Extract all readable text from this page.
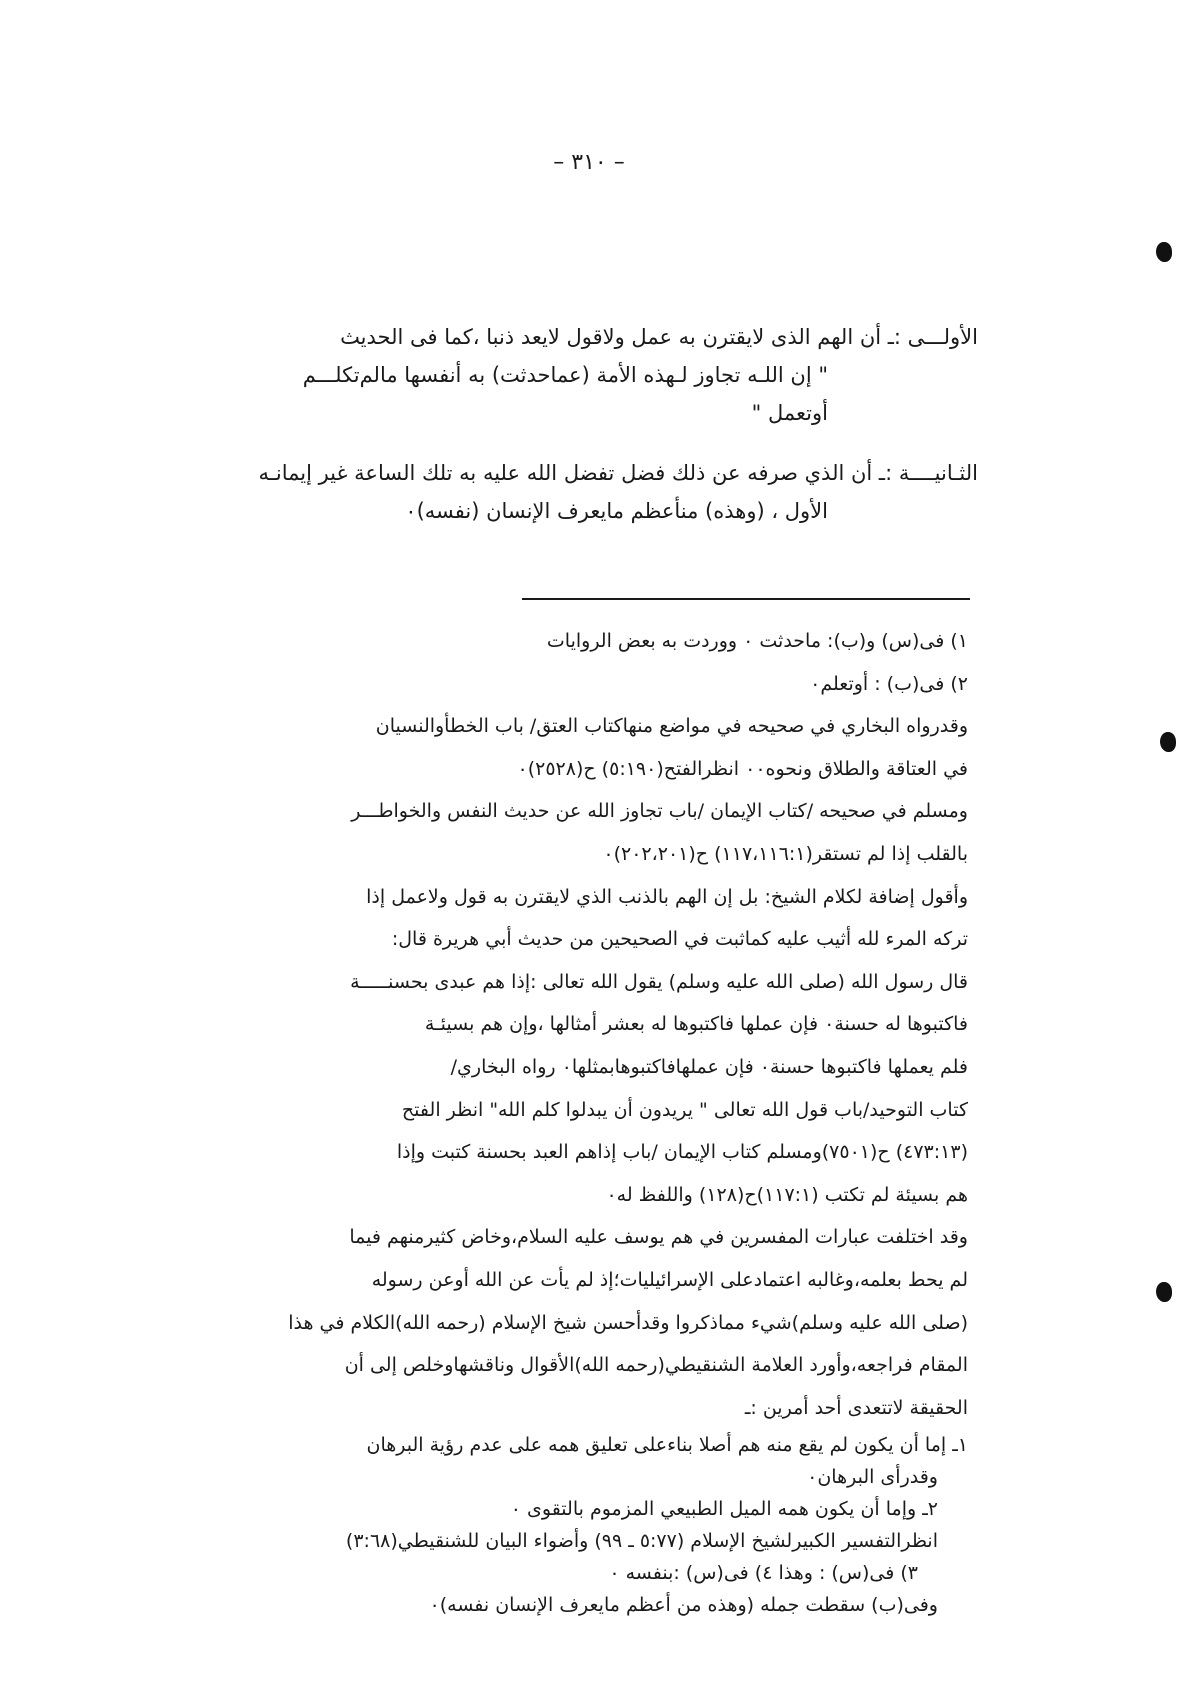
– ٣١٠ –

الأولـــى :ـ أن الهم الذى لايقترن به عمل ولاقول لايعد ذنبا ،كما فى الحديث
" إن اللـه تجاوز لـهذه الأمة (عماحدثت) به أنفسها مالم‌تكلـــم
أوتعمل "

الثـانيــــة :ـ أن الذي صرفه عن ذلك فضل تفضل الله عليه به تلك الساعة غير إيمانـه
الأول ، (وهذه) منأعظم مايعرف الإنسان (نفسه)٠

١) فى(س) و(ب): ماحدثت ٠ ووردت به بعض الروايات
٢) فى(ب) : أوتعلم٠
وقدرواه البخاري في صحيحه في مواضع منهاكتاب العتق/ باب الخطأوالنسيان
في العتاقة والطلاق ونحوه٠٠ انظرالفتح(٥:١٩٠) ح(٢٥٢٨)٠
ومسلم في صحيحه /كتاب الإيمان /باب تجاوز الله عن حديث النفس والخواطـــر
بالقلب إذا لم تستقر(١١٧،١١٦:١) ح(٢٠٢،٢٠١)٠
وأقول إضافة لكلام الشيخ: بل إن الهم بالذنب الذي لايقترن به قول ولاعمل إذا
تركه المرء لله أثيب عليه كماثبت في الصحيحين من حديث أبي هريرة قال:
قال رسول الله (صلى الله عليه وسلم) يقول الله تعالى :إذا هم عبدى بحسنـــــة
فاكتبوها له حسنة٠ فإن عملها فاكتبوها له بعشر أمثالها ،وإن هم بسيئـة
فلم يعملها فاكتبوها حسنة٠ فإن عملهافاكتبوهابمثلها٠ رواه البخاري/
كتاب التوحيد/باب قول الله تعالى " يريدون أن يبدلوا كلم الله" انظر الفتح
(٤٧٣:١٣) ح(٧٥٠١)ومسلم كتاب الإيمان /باب إذاهم العبد بحسنة كتبت وإذا
هم بسيئة لم تكتب (١١٧:١)ح(١٢٨) واللفظ له٠
وقد اختلفت عبارات المفسرين في هم يوسف عليه السلام،وخاض كثيرمنهم فيما
لم يحط بعلمه،وغالبه اعتمادعلى الإسرائيليات؛إذ لم يأت عن الله أوعن رسوله
(صلى الله عليه وسلم)شيء مماذكروا وقدأحسن شيخ الإسلام (رحمه الله)الكلام في هذا
المقام فراجعه،وأورد العلامة الشنقيطي(رحمه الله)الأقوال وناقشهاوخلص إلى أن
الحقيقة لاتتعدى أحد أمرين :ـ
١ـ إما أن يكون لم يقع منه هم أصلا بناءعلى تعليق همه على عدم رؤية البرهان
وقدرأى البرهان٠
٢ـ وإما أن يكون همه الميل الطبيعي المزموم بالتقوى ٠
انظرالتفسير الكبيرلشيخ الإسلام (٥:٧٧ ـ ٩٩) وأضواء البيان للشنقيطي(٣:٦٨)
٣) فى(س) : وهذا ٤) فى(س) :بنفسه ٠
وفى(ب) سقطت جمله (وهذه من أعظم مايعرف الإنسان نفسه)٠
